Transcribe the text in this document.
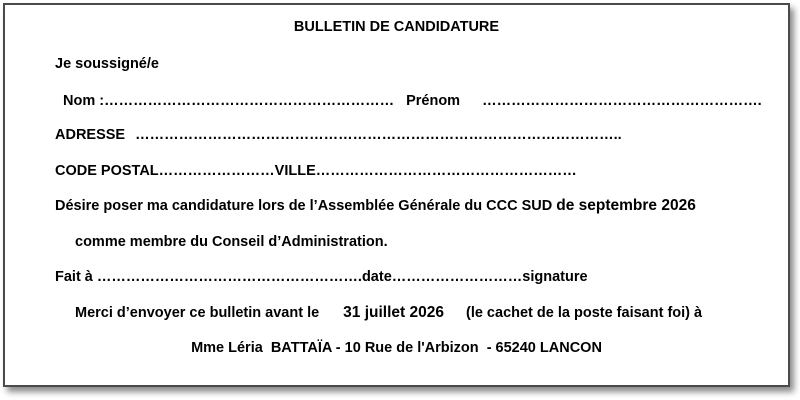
BULLETIN DE CANDIDATURE
Je soussigné/e
Nom :…………………………………………………… Prénom ………………………………………………….
ADRESSE ………………………………………………………………………………………..
CODE POSTAL……………………VILLE………………………………………………
Désire poser ma candidature lors de l’Assemblée Générale du CCC SUD de septembre 2026
comme membre du Conseil d’Administration.
Fait à ……………………………………………….date………………………signature
Merci d’envoyer ce bulletin avant le 31 juillet 2026 (le cachet de la poste faisant foi) à
Mme Léria  BATTAÏA - 10 Rue de l'Arbizon  - 65240 LANCON
